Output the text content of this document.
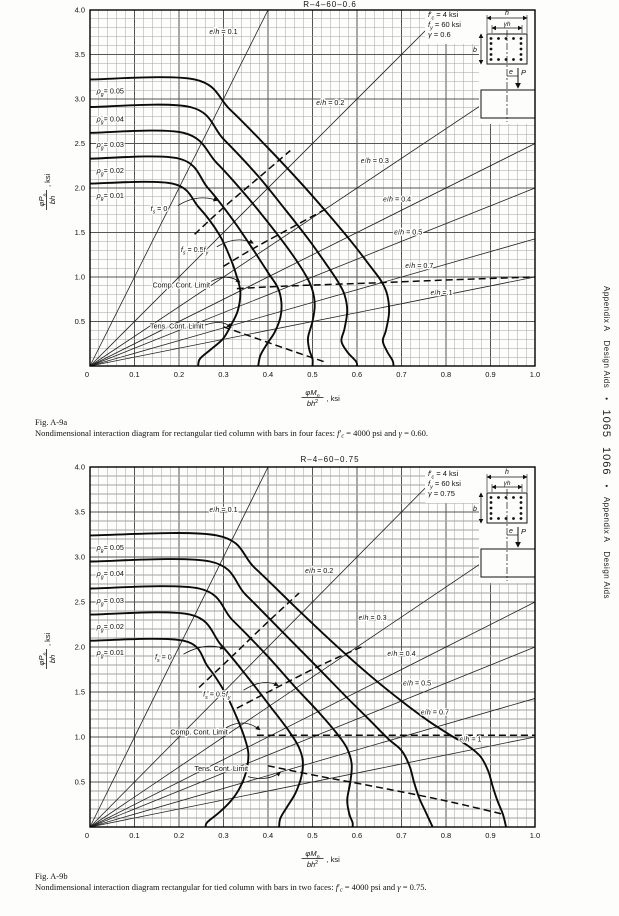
$f'_c = 4$ ksi
$f_y = 60$ ksi
γ = 0.6
h
γh
b
e P
$\rho_g= 0.01$
$\rho_g= 0.02$
$\rho_g= 0.03$
$\rho_g= 0.04$
$\rho_g= 0.05$
e/h = 0.1
e/h = 0.2
e/h = 0.3
e/h = 0.4
e/h = 0.5
e/h = 0.7
e/h = 1
$f_s = 0$
$f_s = 0.5f_y$
Comp. Cont. Limit
Tens. Cont. Limit
R–4–60–0.6
0	0.1	0.2	0.3	0.4	0.5	0.6	0.7	0.8	0.9	1.0
4.0
3.5
3.0
2.5
2.0
1.5
1.0
0.5
$\varphi M_n$
$bh^2$ , ksi
$\varphi P_n$
bh
, ksi
$f'_c = 4$ ksi
$f_y = 60$ ksi
γ = 0.75
h
γh
b
e P
$\rho_g= 0.01$
$\rho_g= 0.02$
$\rho_g= 0.03$
$\rho_g= 0.04$
$\rho_g= 0.05$
e/h = 0.1
e/h = 0.2
e/h = 0.3
e/h = 0.4
e/h = 0.5
e/h = 0.7
e/h = 1
$f_s = 0$
$f_s = 0.5f_y$
Comp. Cont. Limit
Tens. Cont. Limit
R–4–60–0.75
0	0.1	0.2	0.3	0.4	0.5	0.6	0.7	0.8	0.9	1.0
4.0
3.5
3.0
2.5
2.0
1.5
1.0
0.5
$\varphi M_n$
$bh^2$ , ksi
$\varphi P_n$
bh
, ksi
Fig. A-9a
Nondimensional interaction diagram for rectangular tied column with bars in four faces: f′c = 4000 psi and γ = 0.60.
Fig. A-9b
Nondimensional interaction diagram rectangular for tied column with bars in two faces: f′c = 4000 psi and γ = 0.75.
Appendix A  Design Aids  •  1065  1066  •  Appendix A  Design Aids
